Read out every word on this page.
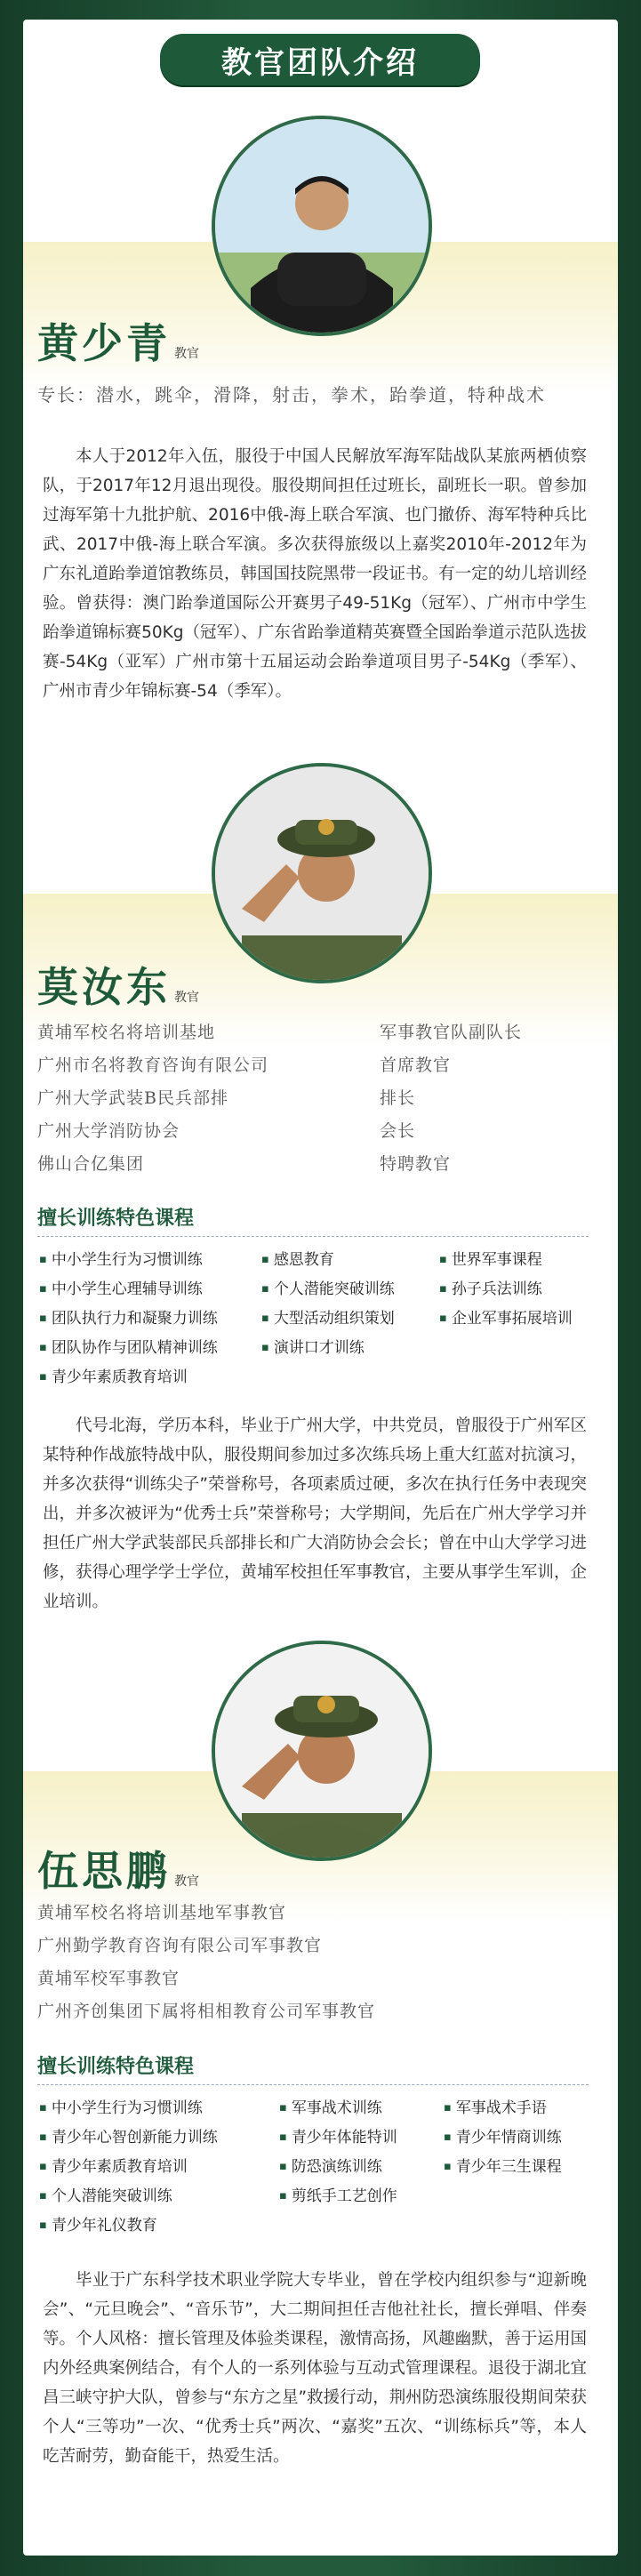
教官团队介绍
黄少青 教官
专长：潜水，跳伞，滑降，射击，拳术，跆拳道，特种战术
本人于2012年入伍，服役于中国人民解放军海军陆战队某旅两栖侦察队，于2017年12月退出现役。服役期间担任过班长，副班长一职。曾参加过海军第十九批护航、2016中俄-海上联合军演、也门撤侨、海军特种兵比武、2017中俄-海上联合军演。多次获得旅级以上嘉奖2010年-2012年为广东礼道跆拳道馆教练员，韩国国技院黑带一段证书。有一定的幼儿培训经验。曾获得：澳门跆拳道国际公开赛男子49-51Kg（冠军）、广州市中学生跆拳道锦标赛50Kg（冠军）、广东省跆拳道精英赛暨全国跆拳道示范队选拔赛-54Kg（亚军）广州市第十五届运动会跆拳道项目男子-54Kg（季军）、广州市青少年锦标赛-54（季军）。
莫汝东 教官
黄埔军校名将培训基地	军事教官队副队长
广州市名将教育咨询有限公司	首席教官
广州大学武装B民兵部排	排长
广州大学消防协会	会长
佛山合亿集团	特聘教官
擅长训练特色课程
▪ 中小学生行为习惯训练	▪ 感恩教育	▪ 世界军事课程
▪ 中小学生心理辅导训练	▪ 个人潜能突破训练	▪ 孙子兵法训练
▪ 团队执行力和凝聚力训练	▪ 大型活动组织策划	▪ 企业军事拓展培训
▪ 团队协作与团队精神训练	▪ 演讲口才训练
▪ 青少年素质教育培训
代号北海，学历本科，毕业于广州大学，中共党员，曾服役于广州军区某特种作战旅特战中队，服役期间参加过多次练兵场上重大红蓝对抗演习，并多次获得“训练尖子”荣誉称号，各项素质过硬，多次在执行任务中表现突出，并多次被评为“优秀士兵”荣誉称号；大学期间，先后在广州大学学习并担任广州大学武装部民兵部排长和广大消防协会会长；曾在中山大学学习进修，获得心理学学士学位，黄埔军校担任军事教官，主要从事学生军训，企业培训。
伍思鹏 教官
黄埔军校名将培训基地军事教官
广州勤学教育咨询有限公司军事教官
黄埔军校军事教官
广州齐创集团下属将相相教育公司军事教官
擅长训练特色课程
▪ 中小学生行为习惯训练	▪ 军事战术训练	▪ 军事战术手语
▪ 青少年心智创新能力训练	▪ 青少年体能特训	▪ 青少年情商训练
▪ 青少年素质教育培训	▪ 防恐演练训练	▪ 青少年三生课程
▪ 个人潜能突破训练	▪ 剪纸手工艺创作
▪ 青少年礼仪教育
毕业于广东科学技术职业学院大专毕业，曾在学校内组织参与“迎新晚会”、“元旦晚会”、“音乐节”，大二期间担任吉他社社长，擅长弹唱、伴奏等。个人风格：擅长管理及体验类课程，激情高扬，风趣幽默，善于运用国内外经典案例结合，有个人的一系列体验与互动式管理课程。退役于湖北宜昌三峡守护大队，曾参与“东方之星”救援行动，荆州防恐演练服役期间荣获个人“三等功”一次、“优秀士兵”两次、“嘉奖”五次、“训练标兵”等，本人吃苦耐劳，勤奋能干，热爱生活。
